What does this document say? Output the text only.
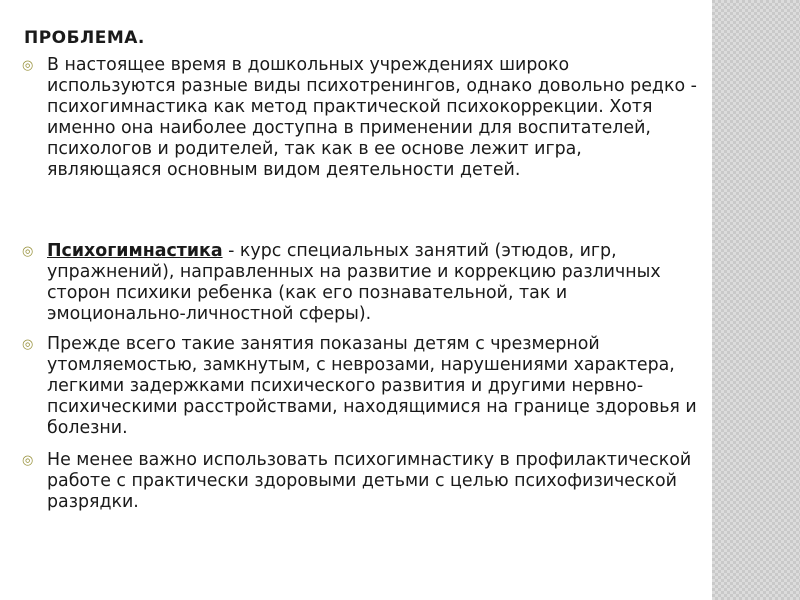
ПРОБЛЕМА.
◎ В настоящее время в дошкольных учреждениях широко используются разные виды психотренингов, однако довольно редко - психогимнастика как метод практической психокоррекции. Хотя именно она наиболее доступна в применении для воспитателей, психологов и родителей, так как в ее основе лежит игра, являющаяся основным видом деятельности детей.
◎ Психогимнастика - курс специальных занятий (этюдов, игр, упражнений), направленных на развитие и коррекцию различных сторон психики ребенка (как его познавательной, так и эмоционально-личностной сферы).
◎ Прежде всего такие занятия показаны детям с чрезмерной утомляемостью, замкнутым, с неврозами, нарушениями характера, легкими задержками психического развития и другими нервно-психическими расстройствами, находящимися на границе здоровья и болезни.
◎ Не менее важно использовать психогимнастику в профилактической работе с практически здоровыми детьми с целью психофизической разрядки.
